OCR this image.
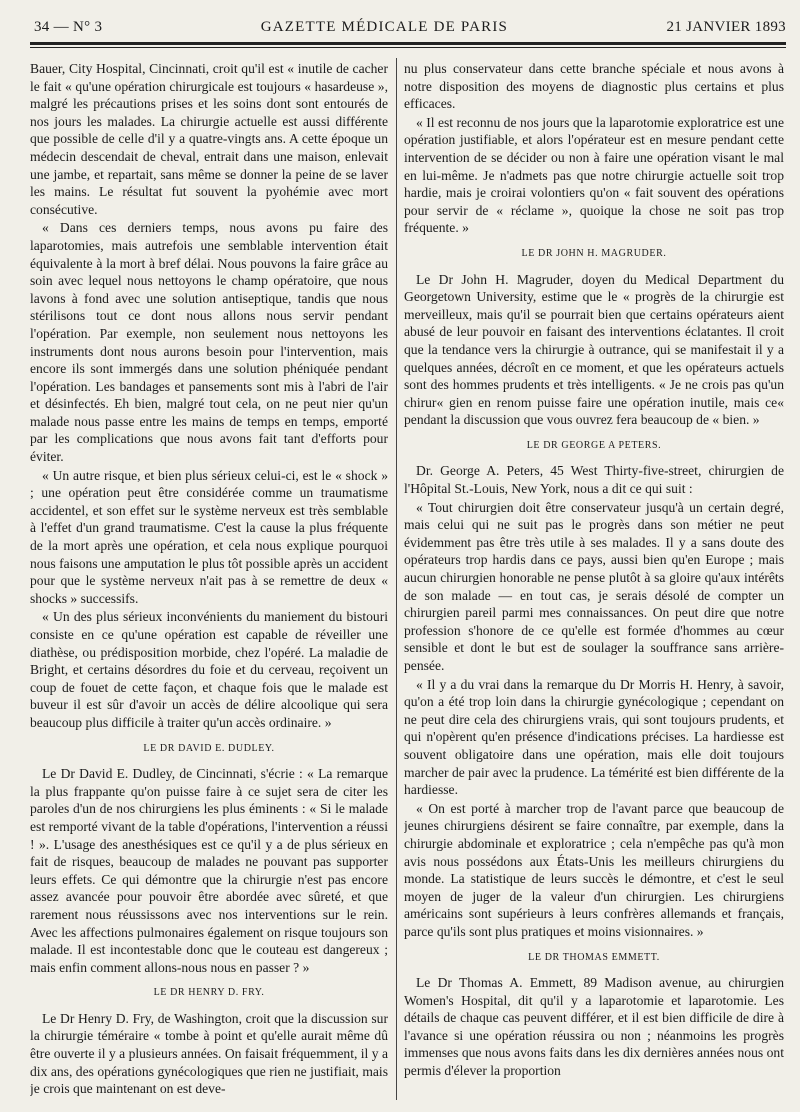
34 — N° 3	GAZETTE MÉDICALE DE PARIS	21 JANVIER 1893

Bauer, City Hospital, Cincinnati, croit qu'il est « inutile de cacher le fait « qu'une opération chirurgicale est toujours « hasardeuse », malgré les précautions prises et les soins dont sont entourés de nos jours les malades. La chirurgie actuelle est aussi différente que possible de celle d'il y a quatre-vingts ans. A cette époque un médecin descendait de cheval, entrait dans une maison, enlevait une jambe, et repartait, sans même se donner la peine de se laver les mains. Le résultat fut souvent la pyohémie avec mort consécutive.

« Dans ces derniers temps, nous avons pu faire des laparotomies, mais autrefois une semblable intervention était équivalente à la mort à bref délai. Nous pouvons la faire grâce au soin avec lequel nous nettoyons le champ opératoire, que nous lavons à fond avec une solution antiseptique, tandis que nous stérilisons tout ce dont nous allons nous servir pendant l'opération. Par exemple, non seulement nous nettoyons les instruments dont nous aurons besoin pour l'intervention, mais encore ils sont immergés dans une solution phéniquée pendant l'opération. Les bandages et pansements sont mis à l'abri de l'air et désinfectés. Eh bien, malgré tout cela, on ne peut nier qu'un malade nous passe entre les mains de temps en temps, emporté par les complications que nous avons fait tant d'efforts pour éviter.

« Un autre risque, et bien plus sérieux celui-ci, est le « shock » ; une opération peut être considérée comme un traumatisme accidentel, et son effet sur le système nerveux est très semblable à l'effet d'un grand traumatisme. C'est la cause la plus fréquente de la mort après une opération, et cela nous explique pourquoi nous faisons une amputation le plus tôt possible après un accident pour que le système nerveux n'ait pas à se remettre de deux « shocks » successifs.

« Un des plus sérieux inconvénients du maniement du bistouri consiste en ce qu'une opération est capable de réveiller une diathèse, ou prédisposition morbide, chez l'opéré. La maladie de Bright, et certains désordres du foie et du cerveau, reçoivent un coup de fouet de cette façon, et chaque fois que le malade est buveur il est sûr d'avoir un accès de délire alcoolique qui sera beaucoup plus difficile à traiter qu'un accès ordinaire. »

LE DR DAVID E. DUDLEY.

Le Dr David E. Dudley, de Cincinnati, s'écrie : « La remarque la plus frappante qu'on puisse faire à ce sujet sera de citer les paroles d'un de nos chirurgiens les plus éminents : « Si le malade est remporté vivant de la table d'opérations, l'intervention a réussi ! ». L'usage des anesthésiques est ce qu'il y a de plus sérieux en fait de risques, beaucoup de malades ne pouvant pas supporter leurs effets. Ce qui démontre que la chirurgie n'est pas encore assez avancée pour pouvoir être abordée avec sûreté, et que rarement nous réussissons avec nos interventions sur le rein. Avec les affections pulmonaires également on risque toujours son malade. Il est incontestable donc que le couteau est dangereux ; mais enfin comment allons-nous nous en passer ? »

LE DR HENRY D. FRY.

Le Dr Henry D. Fry, de Washington, croit que la discussion sur la chirurgie téméraire « tombe à point et qu'elle aurait même dû être ouverte il y a plusieurs années. On faisait fréquemment, il y a dix ans, des opérations gynécologiques que rien ne justifiait, mais je crois que maintenant on est deve-

nu plus conservateur dans cette branche spéciale et nous avons à notre disposition des moyens de diagnostic plus certains et plus efficaces.

« Il est reconnu de nos jours que la laparotomie exploratrice est une opération justifiable, et alors l'opérateur est en mesure pendant cette intervention de se décider ou non à faire une opération visant le mal en lui-même. Je n'admets pas que notre chirurgie actuelle soit trop hardie, mais je croirai volontiers qu'on « fait souvent des opérations pour servir de « réclame », quoique la chose ne soit pas trop fréquente. »

LE DR JOHN H. MAGRUDER.

Le Dr John H. Magruder, doyen du Medical Department du Georgetown University, estime que le « progrès de la chirurgie est merveilleux, mais qu'il se pourrait bien que certains opérateurs aient abusé de leur pouvoir en faisant des interventions éclatantes. Il croit que la tendance vers la chirurgie à outrance, qui se manifestait il y a quelques années, décroît en ce moment, et que les opérateurs actuels sont des hommes prudents et très intelligents. « Je ne crois pas qu'un chirur« gien en renom puisse faire une opération inutile, mais ce« pendant la discussion que vous ouvrez fera beaucoup de « bien. »

LE DR GEORGE A PETERS.

Dr. George A. Peters, 45 West Thirty-five-street, chirurgien de l'Hôpital St.-Louis, New York, nous a dit ce qui suit :

« Tout chirurgien doit être conservateur jusqu'à un certain degré, mais celui qui ne suit pas le progrès dans son métier ne peut évidemment pas être très utile à ses malades. Il y a sans doute des opérateurs trop hardis dans ce pays, aussi bien qu'en Europe ; mais aucun chirurgien honorable ne pense plutôt à sa gloire qu'aux intérêts de son malade — en tout cas, je serais désolé de compter un chirurgien pareil parmi mes connaissances. On peut dire que notre profession s'honore de ce qu'elle est formée d'hommes au cœur sensible et dont le but est de soulager la souffrance sans arrière-pensée.

« Il y a du vrai dans la remarque du Dr Morris H. Henry, à savoir, qu'on a été trop loin dans la chirurgie gynécologique ; cependant on ne peut dire cela des chirurgiens vrais, qui sont toujours prudents, et qui n'opèrent qu'en présence d'indications précises. La hardiesse est souvent obligatoire dans une opération, mais elle doit toujours marcher de pair avec la prudence. La témérité est bien différente de la hardiesse.

« On est porté à marcher trop de l'avant parce que beaucoup de jeunes chirurgiens désirent se faire connaître, par exemple, dans la chirurgie abdominale et exploratrice ; cela n'empêche pas qu'à mon avis nous possédons aux États-Unis les meilleurs chirurgiens du monde. La statistique de leurs succès le démontre, et c'est le seul moyen de juger de la valeur d'un chirurgien. Les chirurgiens américains sont supérieurs à leurs confrères allemands et français, parce qu'ils sont plus pratiques et moins visionnaires. »

LE DR THOMAS EMMETT.

Le Dr Thomas A. Emmett, 89 Madison avenue, au chirurgien Women's Hospital, dit qu'il y a laparotomie et laparotomie. Les détails de chaque cas peuvent différer, et il est bien difficile de dire à l'avance si une opération réussira ou non ; néanmoins les progrès immenses que nous avons faits dans les dix dernières années nous ont permis d'élever la proportion
